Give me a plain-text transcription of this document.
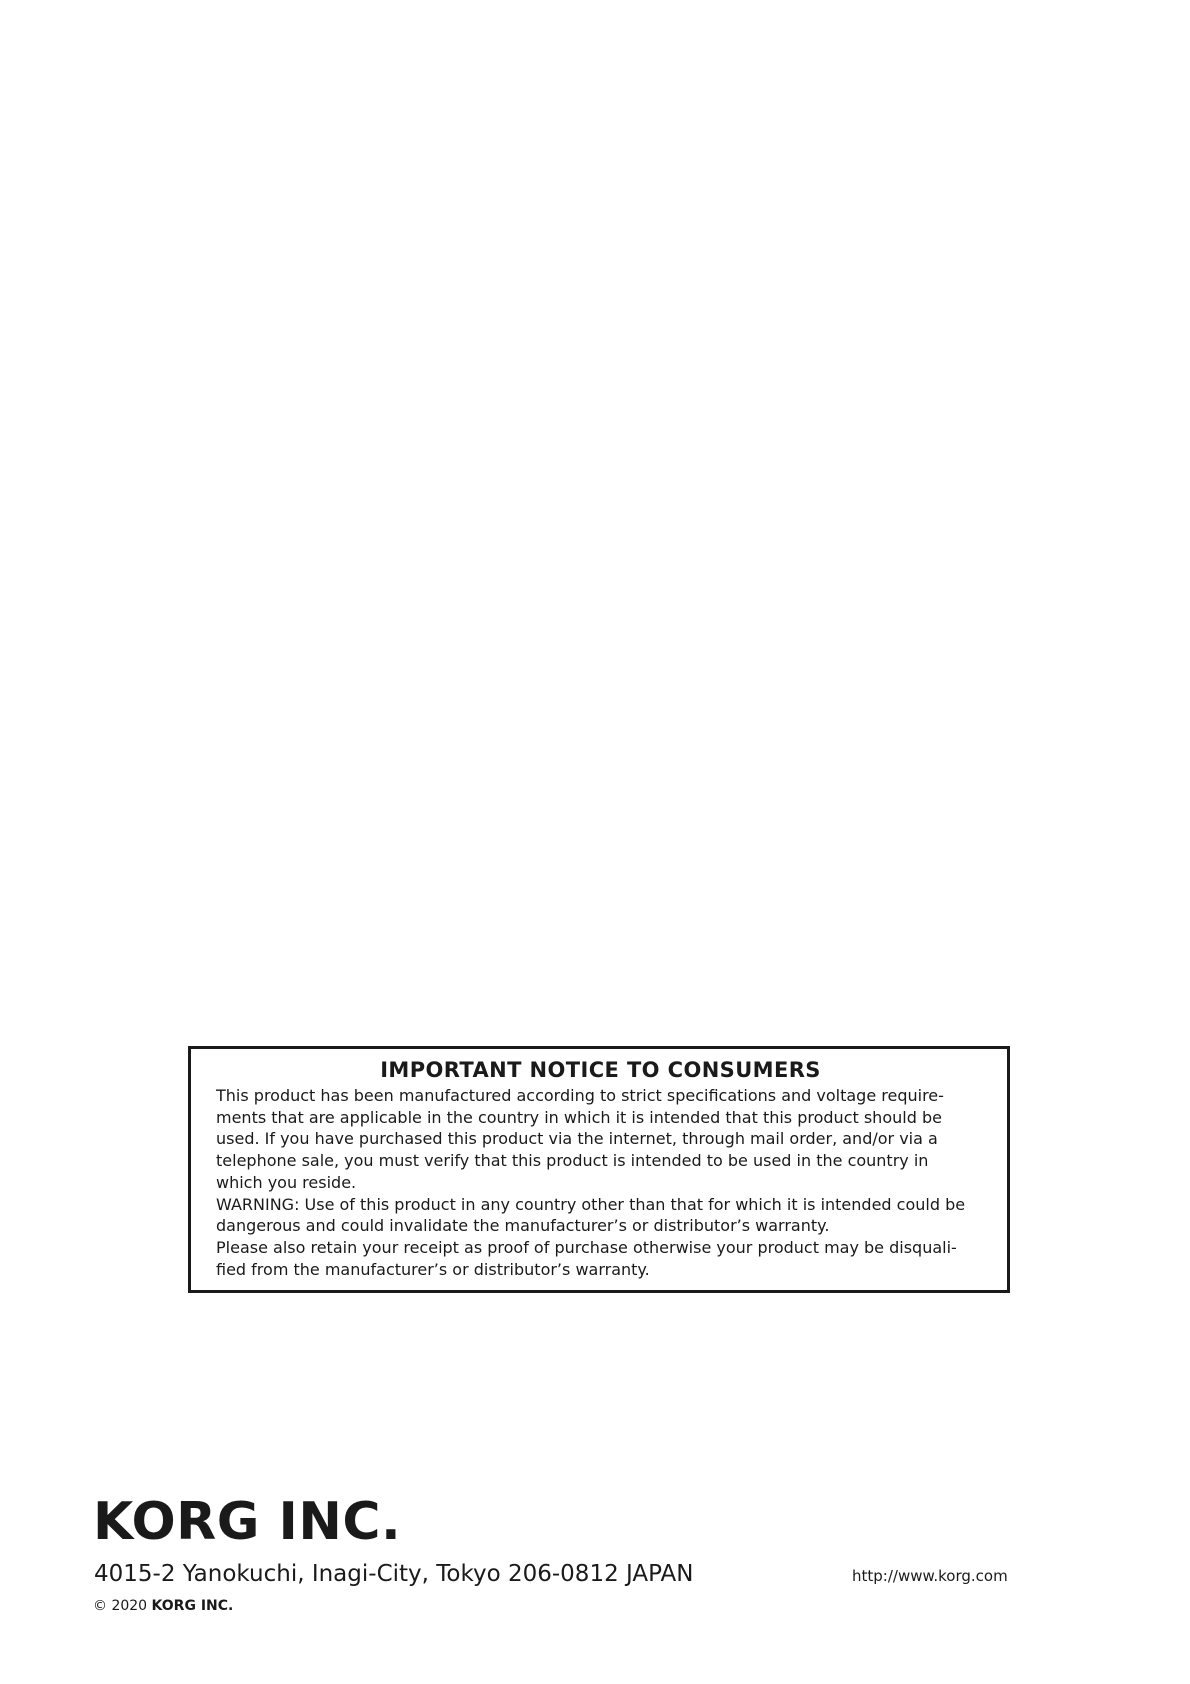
IMPORTANT NOTICE TO CONSUMERS
This product has been manufactured according to strict specifications and voltage require-
ments that are applicable in the country in which it is intended that this product should be
used. If you have purchased this product via the internet, through mail order, and/or via a
telephone sale, you must verify that this product is intended to be used in the country in
which you reside.
WARNING: Use of this product in any country other than that for which it is intended could be
dangerous and could invalidate the manufacturer’s or distributor’s warranty.
Please also retain your receipt as proof of purchase otherwise your product may be disquali-
fied from the manufacturer’s or distributor’s warranty.
KORG INC.
4015-2 Yanokuchi, Inagi-City, Tokyo 206-0812 JAPAN	http://www.korg.com
© 2020 KORG INC.
